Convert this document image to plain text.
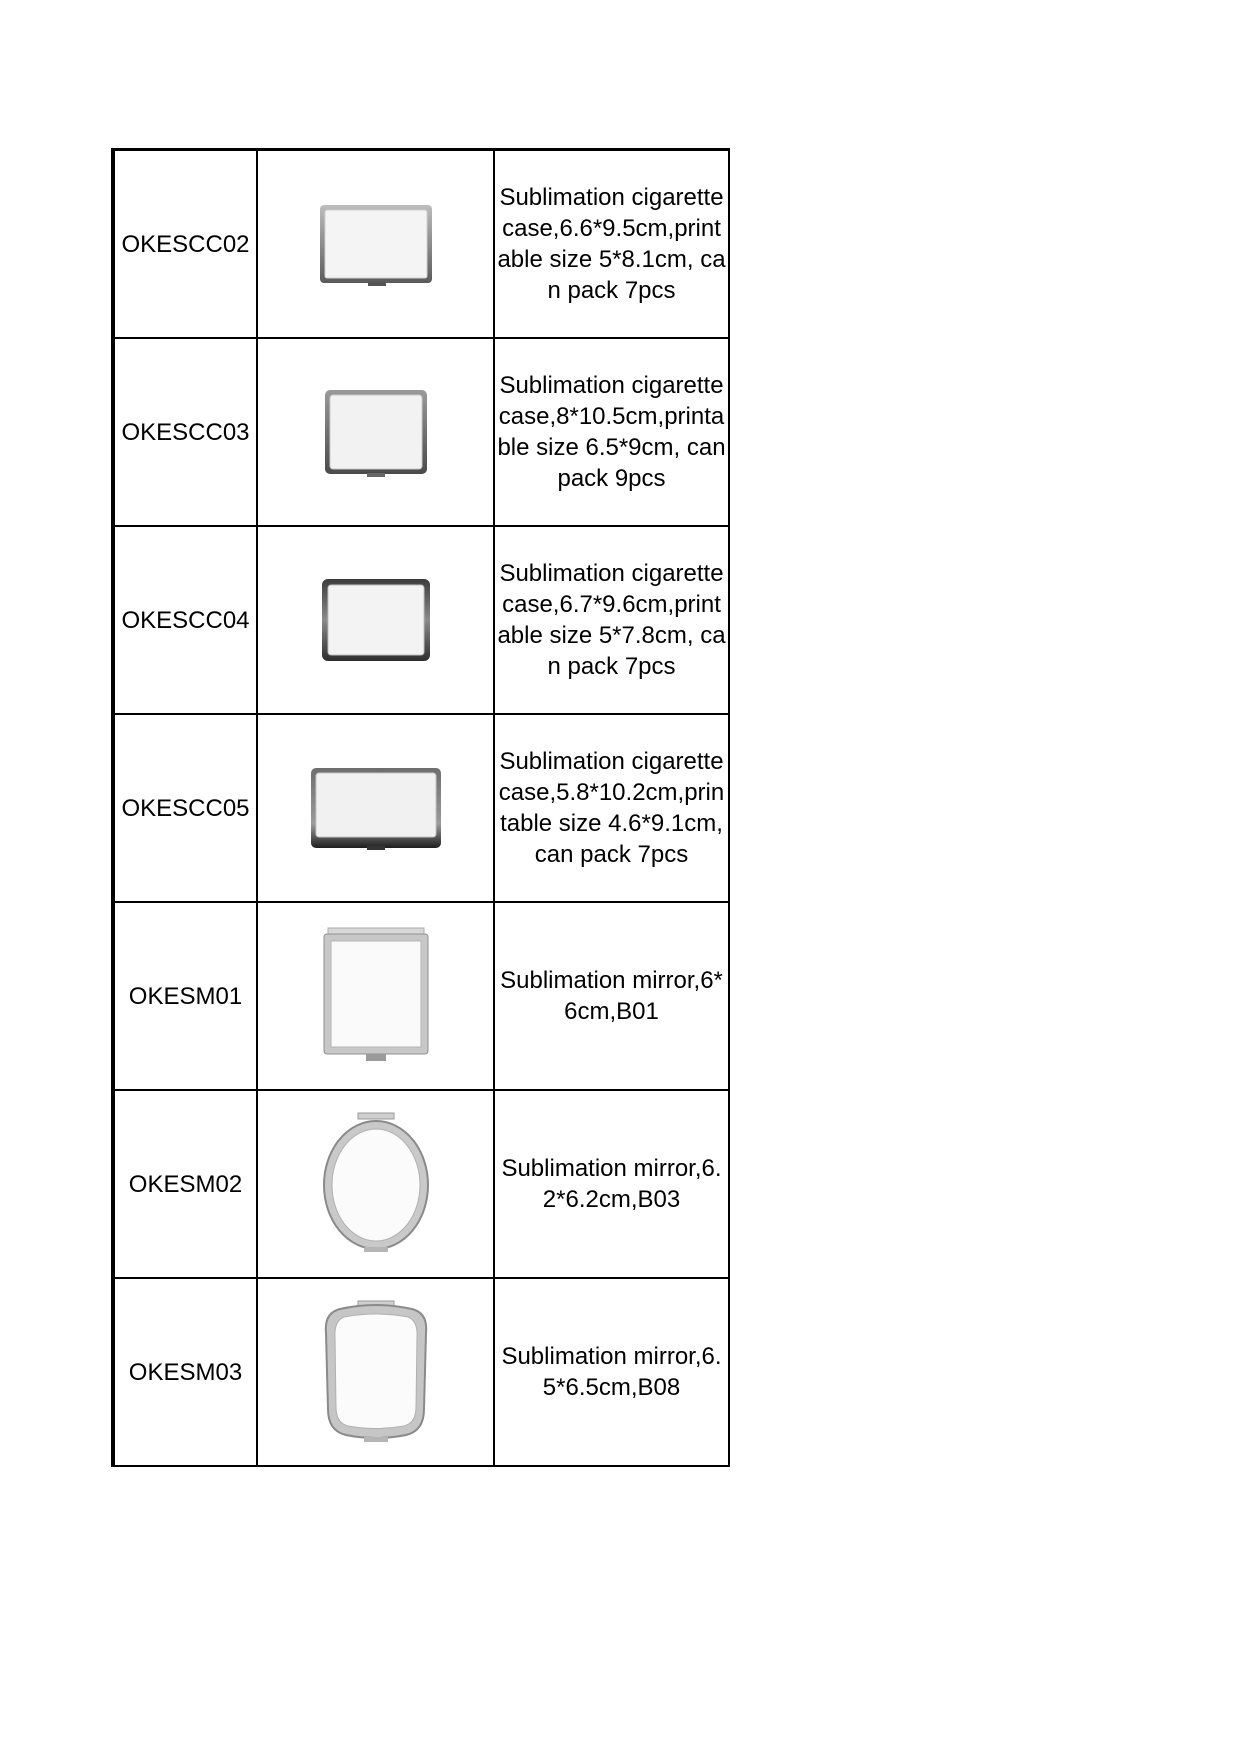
OKESCC02		Sublimation cigarette case,6.6*9.5cm,printable size 5*8.1cm, can pack 7pcs

OKESCC03		Sublimation cigarette case,8*10.5cm,printable size 6.5*9cm, can pack 9pcs

OKESCC04		Sublimation cigarette case,6.7*9.6cm,printable size 5*7.8cm, can pack 7pcs

OKESCC05		Sublimation cigarette case,5.8*10.2cm,printable size 4.6*9.1cm, can pack 7pcs

OKESM01		Sublimation mirror,6*6cm,B01

OKESM02		Sublimation mirror,6.2*6.2cm,B03

OKESM03		Sublimation mirror,6.5*6.5cm,B08
